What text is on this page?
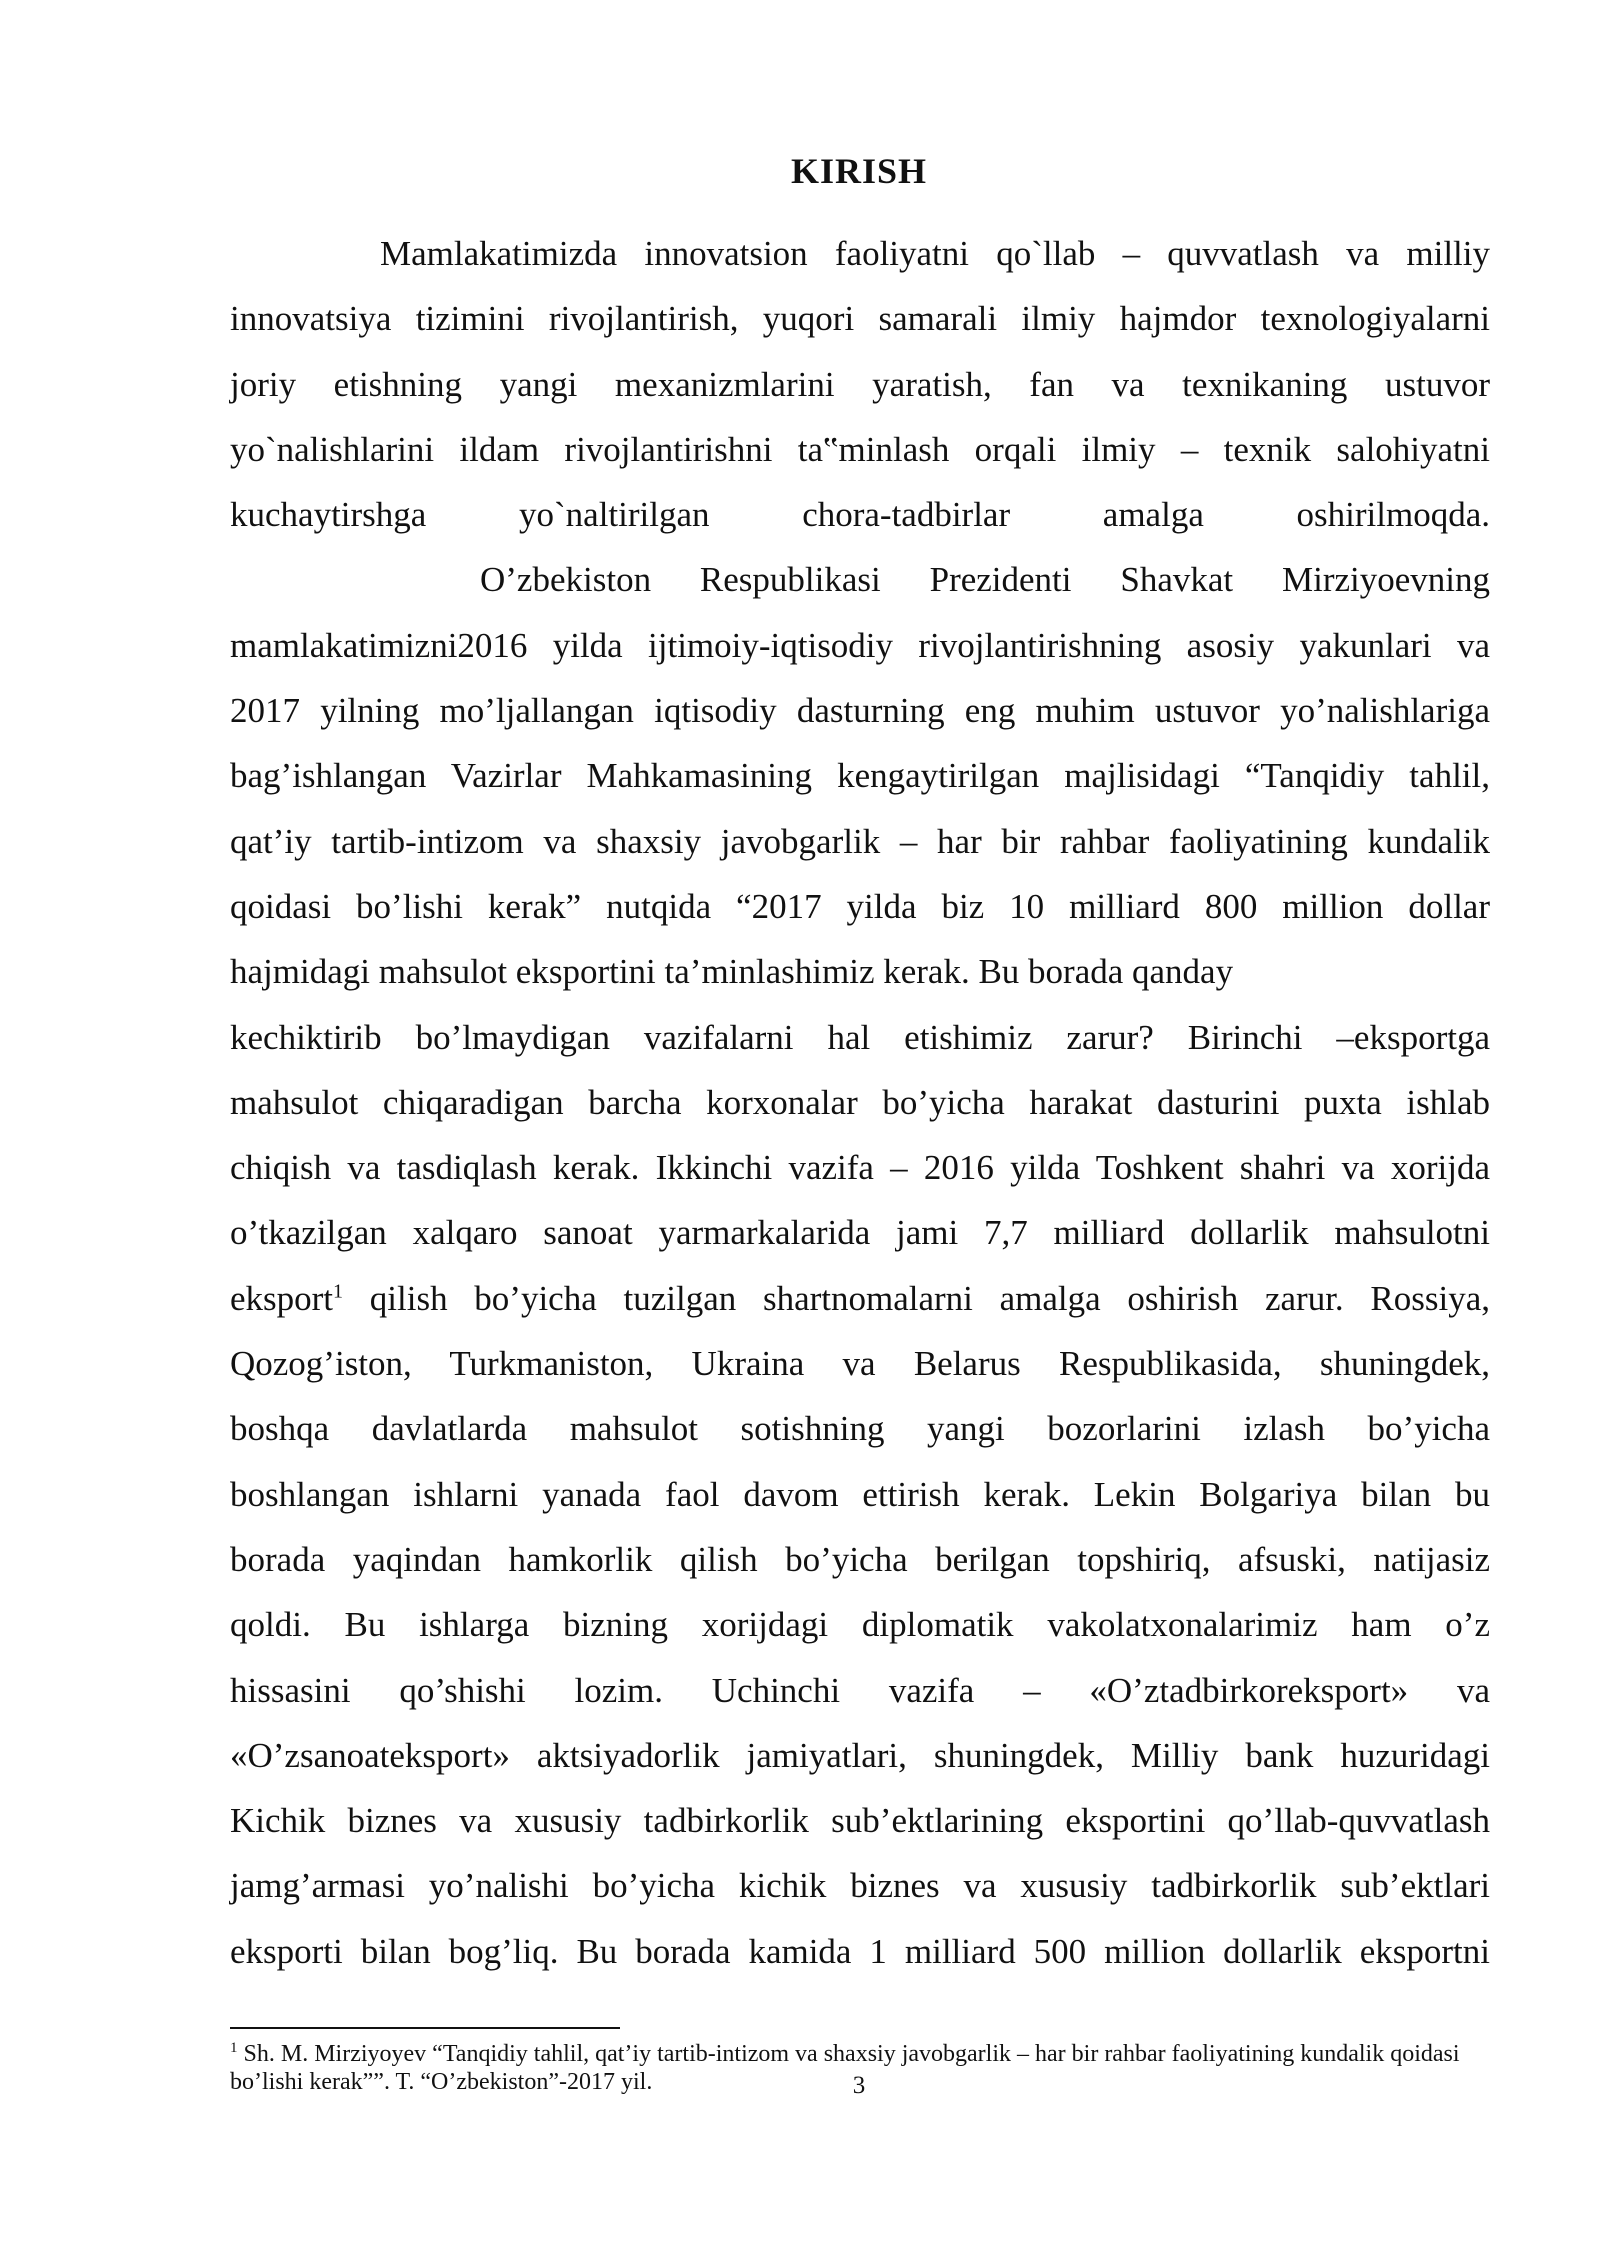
KIRISH
Mamlakatimizda innovatsion faoliyatni qo`llab – quvvatlash va milliy
innovatsiya tizimini rivojlantirish, yuqori samarali ilmiy hajmdor texnologiyalarni
joriy etishning yangi mexanizmlarini yaratish, fan va texnikaning ustuvor
yo`nalishlarini ildam rivojlantirishni ta‟minlash orqali ilmiy – texnik salohiyatni
kuchaytirshga yo`naltirilgan chora-tadbirlar amalga oshirilmoqda.
O’zbekiston Respublikasi Prezidenti Shavkat Mirziyoevning
mamlakatimizni2016 yilda ijtimoiy-iqtisodiy rivojlantirishning asosiy yakunlari va
2017 yilning mo’ljallangan iqtisodiy dasturning eng muhim ustuvor yo’nalishlariga
bag’ishlangan Vazirlar Mahkamasining kengaytirilgan majlisidagi “Tanqidiy tahlil,
qat’iy tartib-intizom va shaxsiy javobgarlik – har bir rahbar faoliyatining kundalik
qoidasi bo’lishi kerak” nutqida “2017 yilda biz 10 milliard 800 million dollar
hajmidagi mahsulot eksportini ta’minlashimiz kerak. Bu borada qanday
kechiktirib bo’lmaydigan vazifalarni hal etishimiz zarur? Birinchi –eksportga
mahsulot chiqaradigan barcha korxonalar bo’yicha harakat dasturini puxta ishlab
chiqish va tasdiqlash kerak. Ikkinchi vazifa – 2016 yilda Toshkent shahri va xorijda
o’tkazilgan xalqaro sanoat yarmarkalarida jami 7,7 milliard dollarlik mahsulotni
eksport$^1$ qilish bo’yicha tuzilgan shartnomalarni amalga oshirish zarur. Rossiya,
Qozog’iston, Turkmaniston, Ukraina va Belarus Respublikasida, shuningdek,
boshqa davlatlarda mahsulot sotishning yangi bozorlarini izlash bo’yicha
boshlangan ishlarni yanada faol davom ettirish kerak. Lekin Bolgariya bilan bu
borada yaqindan hamkorlik qilish bo’yicha berilgan topshiriq, afsuski, natijasiz
qoldi. Bu ishlarga bizning xorijdagi diplomatik vakolatxonalarimiz ham o’z
hissasini qo’shishi lozim. Uchinchi vazifa – «O’ztadbirkoreksport» va
«O’zsanoateksport» aktsiyadorlik jamiyatlari, shuningdek, Milliy bank huzuridagi
Kichik biznes va xususiy tadbirkorlik sub’ektlarining eksportini qo’llab-quvvatlash
jamg’armasi yo’nalishi bo’yicha kichik biznes va xususiy tadbirkorlik sub’ektlari
eksporti bilan bog’liq. Bu borada kamida 1 milliard 500 million dollarlik eksportni
$^1$ Sh. M. Mirziyoyev “Tanqidiy tahlil, qat’iy tartib-intizom va shaxsiy javobgarlik – har bir rahbar faoliyatining kundalik qoidasi bo’lishi kerak””. T. “O’zbekiston”-2017 yil.	3
